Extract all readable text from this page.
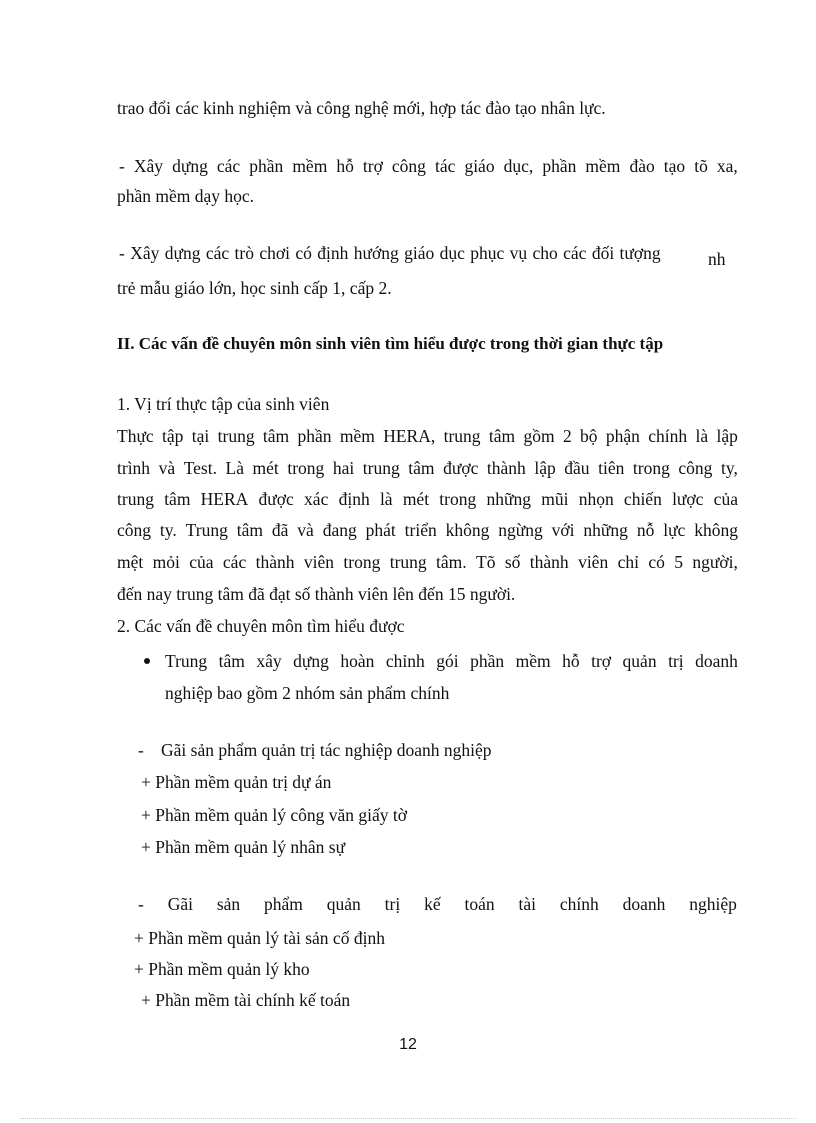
trao đổi các kinh nghiệm và công nghệ mới, hợp tác đào tạo nhân lực.
- Xây dựng các phần mềm hỗ trợ công tác giáo dục, phần mềm đào tạo tõ xa,
phần mềm dạy học.
- Xây dựng các trò chơi có định hướng giáo dục phục vụ cho các đối tượng	nh
trẻ mẫu giáo lớn, học sinh cấp 1, cấp 2.
II. Các vấn đề chuyên môn sinh viên tìm hiểu được trong thời gian thực tập
1. Vị trí thực tập của sinh viên
Thực tập tại trung tâm phần mềm HERA, trung tâm gồm 2 bộ phận chính là lập
trình và Test. Là mét trong hai trung tâm được thành lập đầu tiên trong công ty,
trung tâm HERA được xác định là mét trong những mũi nhọn chiến lược của
công ty. Trung tâm đã và đang phát triển không ngừng với những nỗ lực không
mệt mỏi của các thành viên trong trung tâm. Tõ số thành viên chỉ có 5 người,
đến nay trung tâm đã đạt số thành viên lên đến 15 người.
2. Các vấn đề chuyên môn tìm hiểu được
Trung tâm xây dựng hoàn chỉnh gói phần mềm hỗ trợ quản trị doanh
nghiệp bao gồm 2 nhóm sản phẩm chính
- Gãi sản phẩm quản trị tác nghiệp doanh nghiệp
+ Phần mềm quản trị dự án
+ Phần mềm quản lý công văn giấy tờ
+ Phần mềm quản lý nhân sự
- Gãi sản phẩm quản trị kế toán tài chính doanh nghiệp
+ Phần mềm quản lý tài sản cố định
+ Phần mềm quản lý kho
+ Phần mềm tài chính kế toán
12
